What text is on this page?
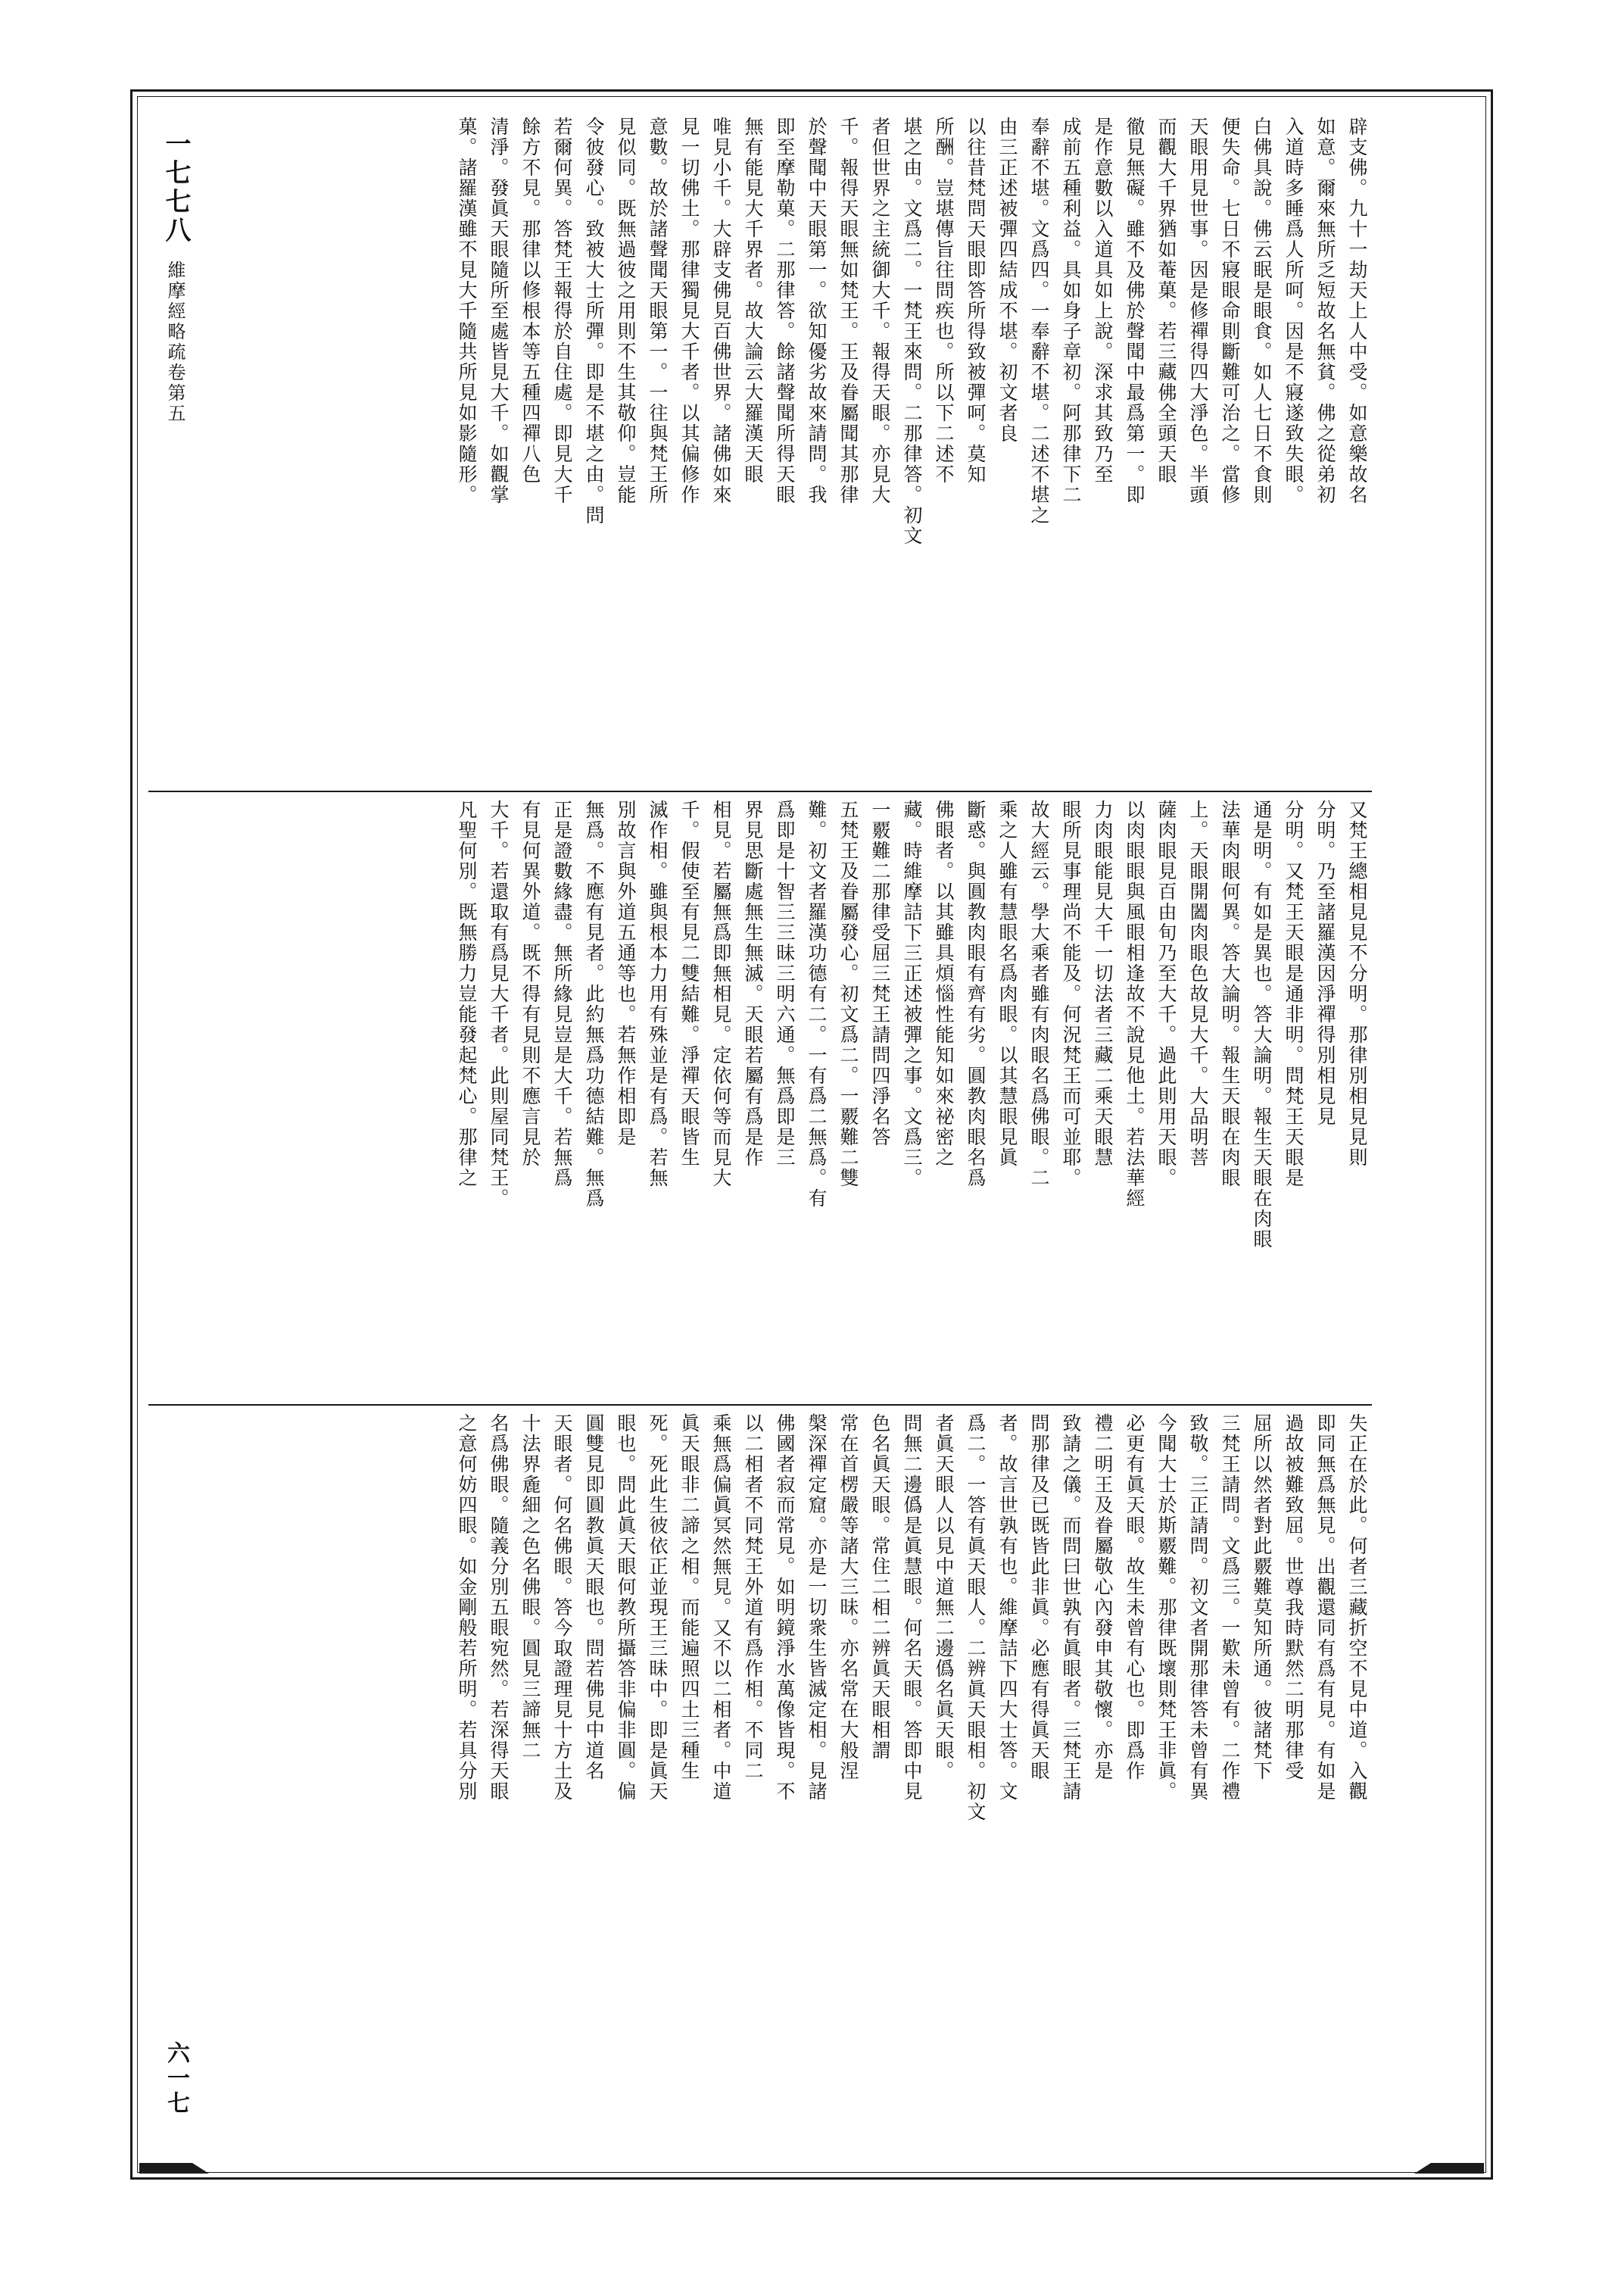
一七七八
維摩經略疏卷第五
六一七
辟支佛。九十一劫天上人中受。如意樂故名
如意。爾來無所乏短故名無貧。佛之從弟初
入道時多睡爲人所呵。因是不寢遂致失眼。
白佛具說。佛云眠是眼食。如人七日不食則
便失命。七日不寢眼命則斷難可治之。當修
天眼用見世事。因是修禪得四大淨色。半頭
而觀大千界猶如菴菓。若三藏佛全頭天眼
徹見無礙。雖不及佛於聲聞中最爲第一。即
是作意數以入道具如上說。深求其致乃至
成前五種利益。具如身子章初。阿那律下二
奉辭不堪。文爲四。一奉辭不堪。二述不堪之
由三正述被彈四結成不堪。初文者良
以往昔梵問天眼即答所得致被彈呵。莫知
所酬。豈堪傳旨往問疾也。所以下二述不
堪之由。文爲二。一梵王來問。二那律答。初文
者但世界之主統御大千。報得天眼。亦見大
千。報得天眼無如梵王。王及眷屬聞其那律
於聲聞中天眼第一。欲知優劣故來請問。我
即至摩勒菓。二那律答。餘諸聲聞所得天眼
無有能見大千界者。故大論云大羅漢天眼
唯見小千。大辟支佛見百佛世界。諸佛如來
見一切佛土。那律獨見大千者。以其偏修作
意數。故於諸聲聞天眼第一。一往與梵王所
見似同。既無過彼之用則不生其敬仰。豈能
令彼發心。致被大士所彈。即是不堪之由。問
若爾何異。答梵王報得於自住處。即見大千
餘方不見。那律以修根本等五種四禪八色
清淨。發眞天眼隨所至處皆見大千。如觀掌
菓。諸羅漢雖不見大千隨共所見如影隨形。
又梵王總相見見不分明。那律別相見見則
分明。乃至諸羅漢因淨禪得別相見見
分明。又梵王天眼是通非明。問梵王天眼是
通是明。有如是異也。答大論明。報生天眼在肉眼
法華肉眼何異。答大論明。報生天眼在肉眼
上。天眼開闔肉眼色故見大千。大品明菩
薩肉眼見百由旬乃至大千。過此則用天眼。
以肉眼眼與風眼相逢故不說見他土。若法華經
力肉眼能見大千一切法者三藏二乘天眼慧
眼所見事理尚不能及。何況梵王而可並耶。
故大經云。學大乘者雖有肉眼名爲佛眼。二
乘之人雖有慧眼名爲肉眼。以其慧眼見眞
斷惑。與圓教肉眼有齊有劣。圓教肉眼名爲
佛眼者。以其雖具煩惱性能知如來祕密之
藏。時維摩詰下三正述被彈之事。文爲三。
一覈難二那律受屈三梵王請問四淨名答
五梵王及眷屬發心。初文爲二。一覈難二雙
難。初文者羅漢功德有二。一有爲二無爲。有
爲即是十智三三昧三明六通。無爲即是三
界見思斷處無生無滅。天眼若屬有爲是作
相見。若屬無爲即無相見。定依何等而見大
千。假使至有見二雙結難。淨禪天眼皆生
滅作相。雖與根本力用有殊並是有爲。若無
別故言與外道五通等也。若無作相即是
無爲。不應有見者。此約無爲功德結難。無爲
正是證數緣盡。無所緣見豈是大千。若無爲
有見何異外道。既不得有見則不應言見於
大千。若還取有爲見大千者。此則屋同梵王。
凡聖何別。既無勝力豈能發起梵心。那律之
失正在於此。何者三藏折空不見中道。入觀
即同無爲無見。出觀還同有爲有見。有如是
過故被難致屈。世尊我時默然二明那律受
屈所以然者對此覈難莫知所通。彼諸梵下
三梵王請問。文爲三。一歎未曾有。二作禮
致敬。三正請問。初文者開那律答未曾有異
今聞大士於斯覈難。那律既壞則梵王非眞。
必更有眞天眼。故生未曾有心也。即爲作
禮二明王及眷屬敬心內發申其敬懷。亦是
致請之儀。而問曰世孰有眞眼者。三梵王請
問那律及已既皆此非眞。必應有得眞天眼
者。故言世孰有也。維摩詰下四大士答。文
爲二。一答有眞天眼人。二辨眞天眼相。初文
者眞天眼人以見中道無二邊僞名眞天眼。
問無二邊僞是眞慧眼。何名天眼。答即中見
色名眞天眼。常住二相二辨眞天眼相謂
常在首楞嚴等諸大三昧。亦名常在大般涅
槃深禪定窟。亦是一切衆生皆滅定相。見諸
佛國者寂而常見。如明鏡淨水萬像皆現。不
以二相者不同梵王外道有爲作相。不同二
乘無爲偏眞冥然無見。又不以二相者。中道
眞天眼非二諦之相。而能遍照四土三種生
死。死此生彼依正並現王三昧中。即是眞天
眼也。問此眞天眼何教所攝答非偏非圓。偏
圓雙見即圓教眞天眼也。問若佛見中道名
天眼者。何名佛眼。答今取證理見十方土及
十法界麁細之色名佛眼。圓見三諦無二
名爲佛眼。隨義分別五眼宛然。若深得天眼
之意何妨四眼。如金剛般若所明。若具分別
